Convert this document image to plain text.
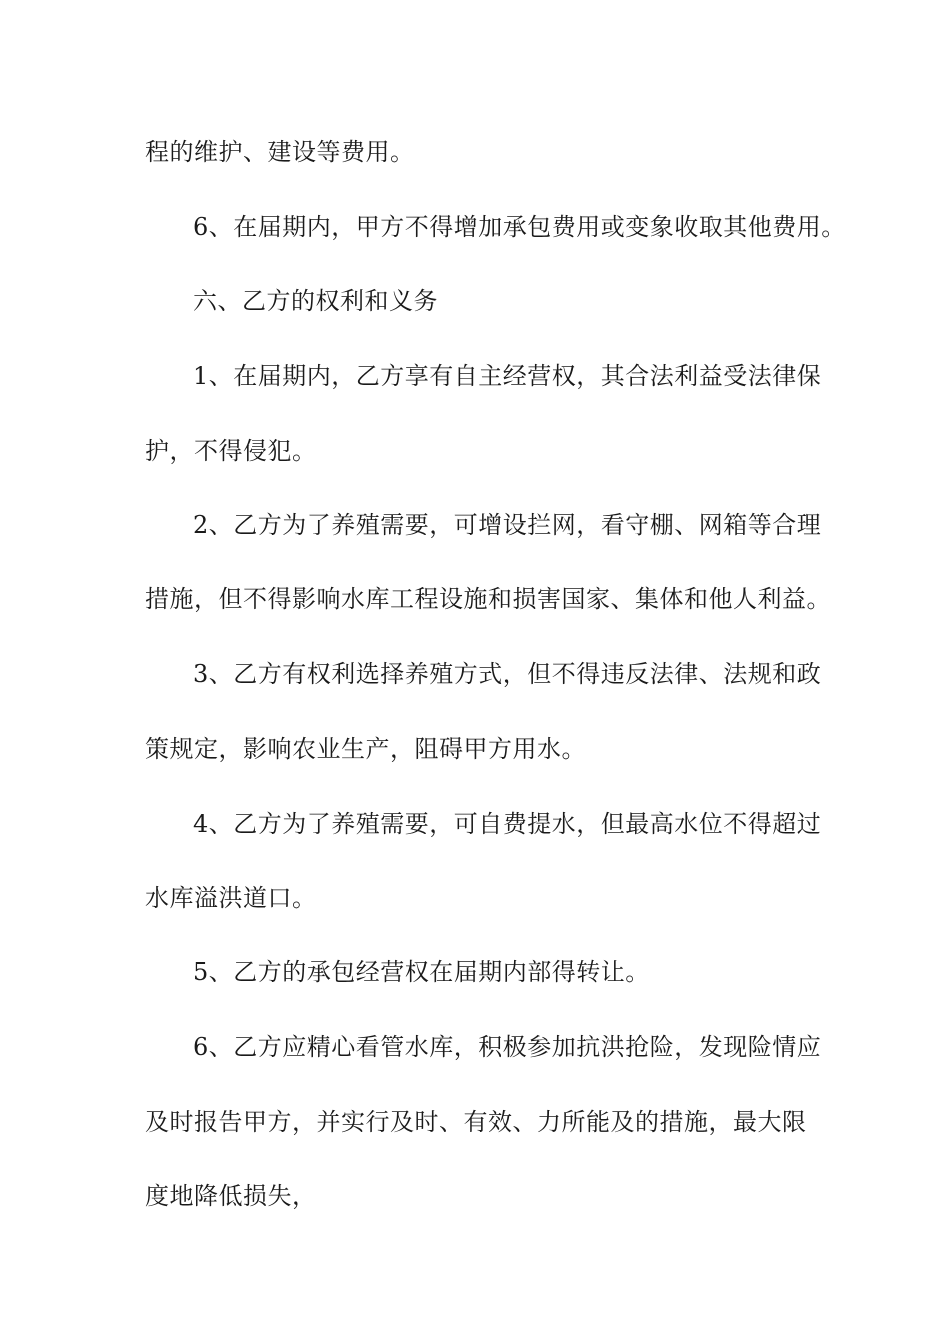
程的维护、建设等费用。
6、在届期内，甲方不得增加承包费用或变象收取其他费用。
六、乙方的权利和义务
1、在届期内，乙方享有自主经营权，其合法利益受法律保
护，不得侵犯。
2、乙方为了养殖需要，可增设拦网，看守棚、网箱等合理
措施，但不得影响水库工程设施和损害国家、集体和他人利益。
3、乙方有权利选择养殖方式，但不得违反法律、法规和政
策规定，影响农业生产，阻碍甲方用水。
4、乙方为了养殖需要，可自费提水，但最高水位不得超过
水库溢洪道口。
5、乙方的承包经营权在届期内部得转让。
6、乙方应精心看管水库，积极参加抗洪抢险，发现险情应
及时报告甲方，并实行及时、有效、力所能及的措施，最大限
度地降低损失，
